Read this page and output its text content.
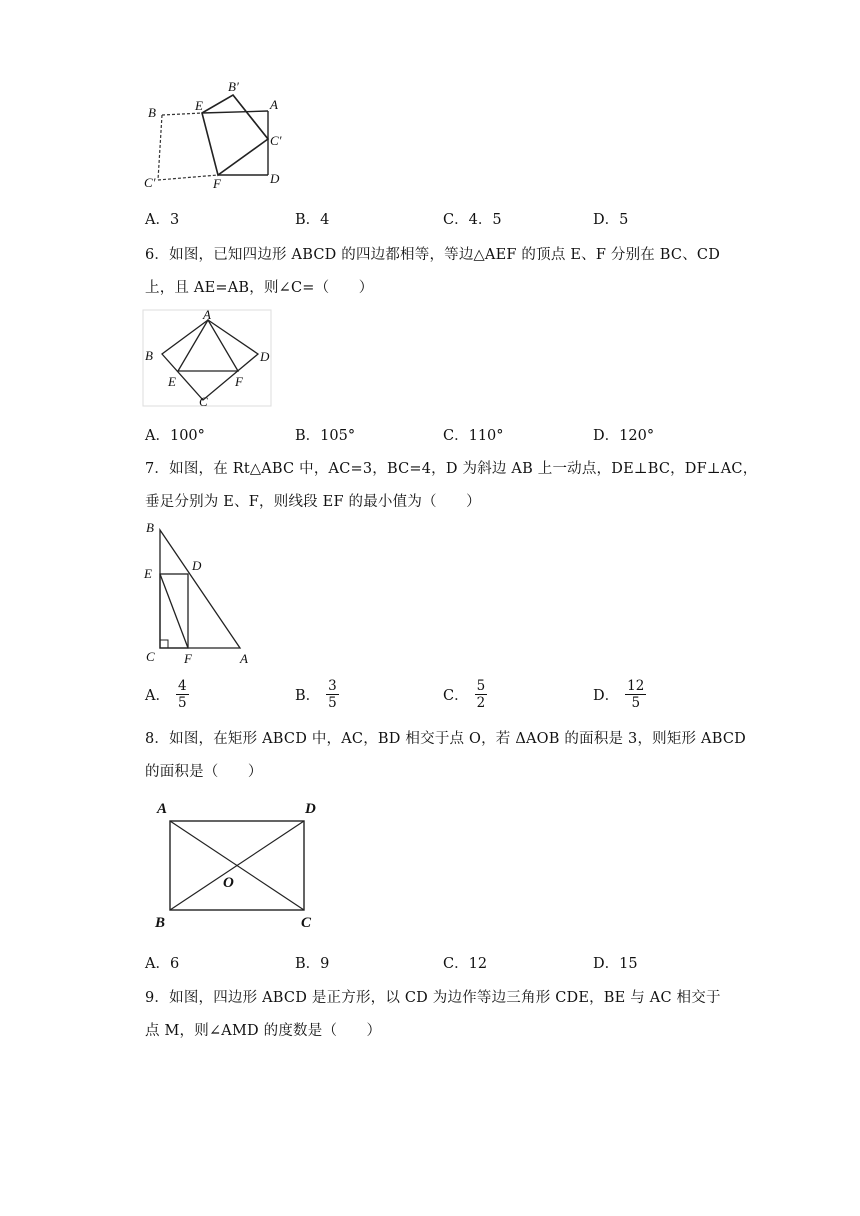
B
B′
E	A
C′
C′	F	D
A．3	B．4	C．4．5	D．5
6．如图，已知四边形 ABCD 的四边都相等，等边△AEF 的顶点 E、F 分别在 BC、CD
上，且 AE=AB，则∠C=（　　）
A
B	D
E	F
C
A．100°	B．105°	C．110°	D．120°
7．如图，在 Rt△ABC 中，AC=3，BC=4，D 为斜边 AB 上一动点，DE⊥BC，DF⊥AC，
垂足分别为 E、F，则线段 EF 的最小值为（　　）
B
E
D
C F	A
A． $\frac{4}{5}$	B． $\frac{3}{5}$	C． $\frac{5}{2}$	D． $\frac{12}{5}$
8．如图，在矩形 ABCD 中，AC，BD 相交于点 O，若 ΔAOB 的面积是 3，则矩形 ABCD
的面积是（　　）
A	D
O
B	C
A．6	B．9	C．12	D．15
9．如图，四边形 ABCD 是正方形，以 CD 为边作等边三角形 CDE，BE 与 AC 相交于
点 M，则∠AMD 的度数是（　　）
